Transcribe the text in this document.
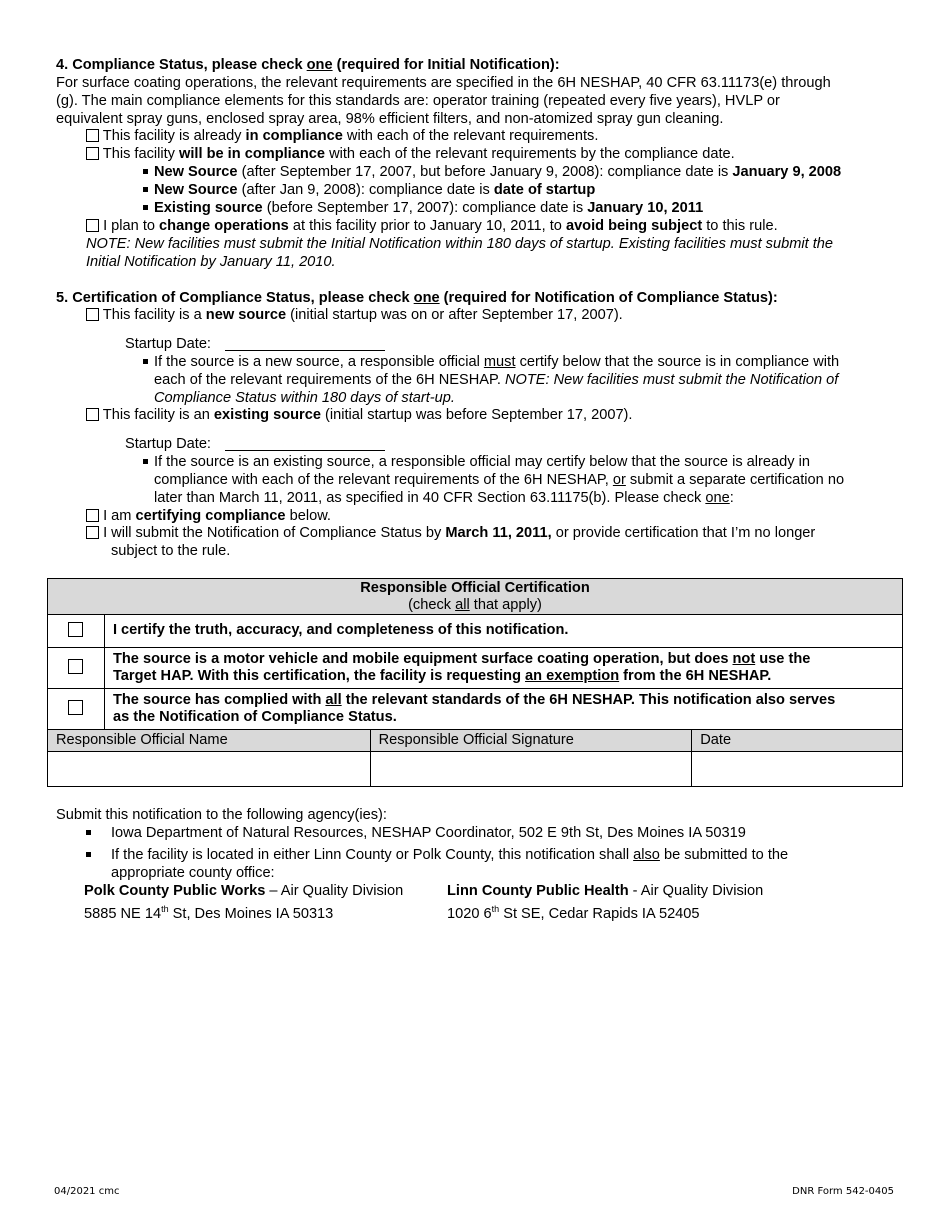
4. Compliance Status, please check one (required for Initial Notification):
For surface coating operations, the relevant requirements are specified in the 6H NESHAP, 40 CFR 63.11173(e) through
(g). The main compliance elements for this standards are: operator training (repeated every five years), HVLP or
equivalent spray guns, enclosed spray area, 98% efficient filters, and non-atomized spray gun cleaning.
This facility is already in compliance with each of the relevant requirements.
This facility will be in compliance with each of the relevant requirements by the compliance date.
New Source (after September 17, 2007, but before January 9, 2008): compliance date is January 9, 2008
New Source (after Jan 9, 2008): compliance date is date of startup
Existing source (before September 17, 2007): compliance date is January 10, 2011
I plan to change operations at this facility prior to January 10, 2011, to avoid being subject to this rule.
NOTE: New facilities must submit the Initial Notification within 180 days of startup. Existing facilities must submit the
Initial Notification by January 11, 2010.
5. Certification of Compliance Status, please check one (required for Notification of Compliance Status):
This facility is a new source (initial startup was on or after September 17, 2007).
Startup Date:
If the source is a new source, a responsible official must certify below that the source is in compliance with
each of the relevant requirements of the 6H NESHAP. NOTE: New facilities must submit the Notification of
Compliance Status within 180 days of start-up.
This facility is an existing source (initial startup was before September 17, 2007).
Startup Date:
If the source is an existing source, a responsible official may certify below that the source is already in
compliance with each of the relevant requirements of the 6H NESHAP, or submit a separate certification no
later than March 11, 2011, as specified in 40 CFR Section 63.11175(b). Please check one:
I am certifying compliance below.
I will submit the Notification of Compliance Status by March 11, 2011, or provide certification that I’m no longer
subject to the rule.
Responsible Official Certification
(check all that apply)			
	I certify the truth, accuracy, and completeness of this notification.		
	The source is a motor vehicle and mobile equipment surface coating operation, but does not use the
Target HAP. With this certification, the facility is requesting an exemption from the 6H NESHAP.		
	The source has complied with all the relevant standards of the 6H NESHAP. This notification also serves
as the Notification of Compliance Status.		
Responsible Official Name		Responsible Official Signature	Date

Submit this notification to the following agency(ies):
Iowa Department of Natural Resources, NESHAP Coordinator, 502 E 9th St, Des Moines IA 50319
If the facility is located in either Linn County or Polk County, this notification shall also be submitted to the
appropriate county office:
Polk County Public Works – Air Quality Division
5885 NE 14th St, Des Moines IA 50313
Linn County Public Health - Air Quality Division
1020 6th St SE, Cedar Rapids IA 52405
04/2021 cmc	DNR Form 542-0405
